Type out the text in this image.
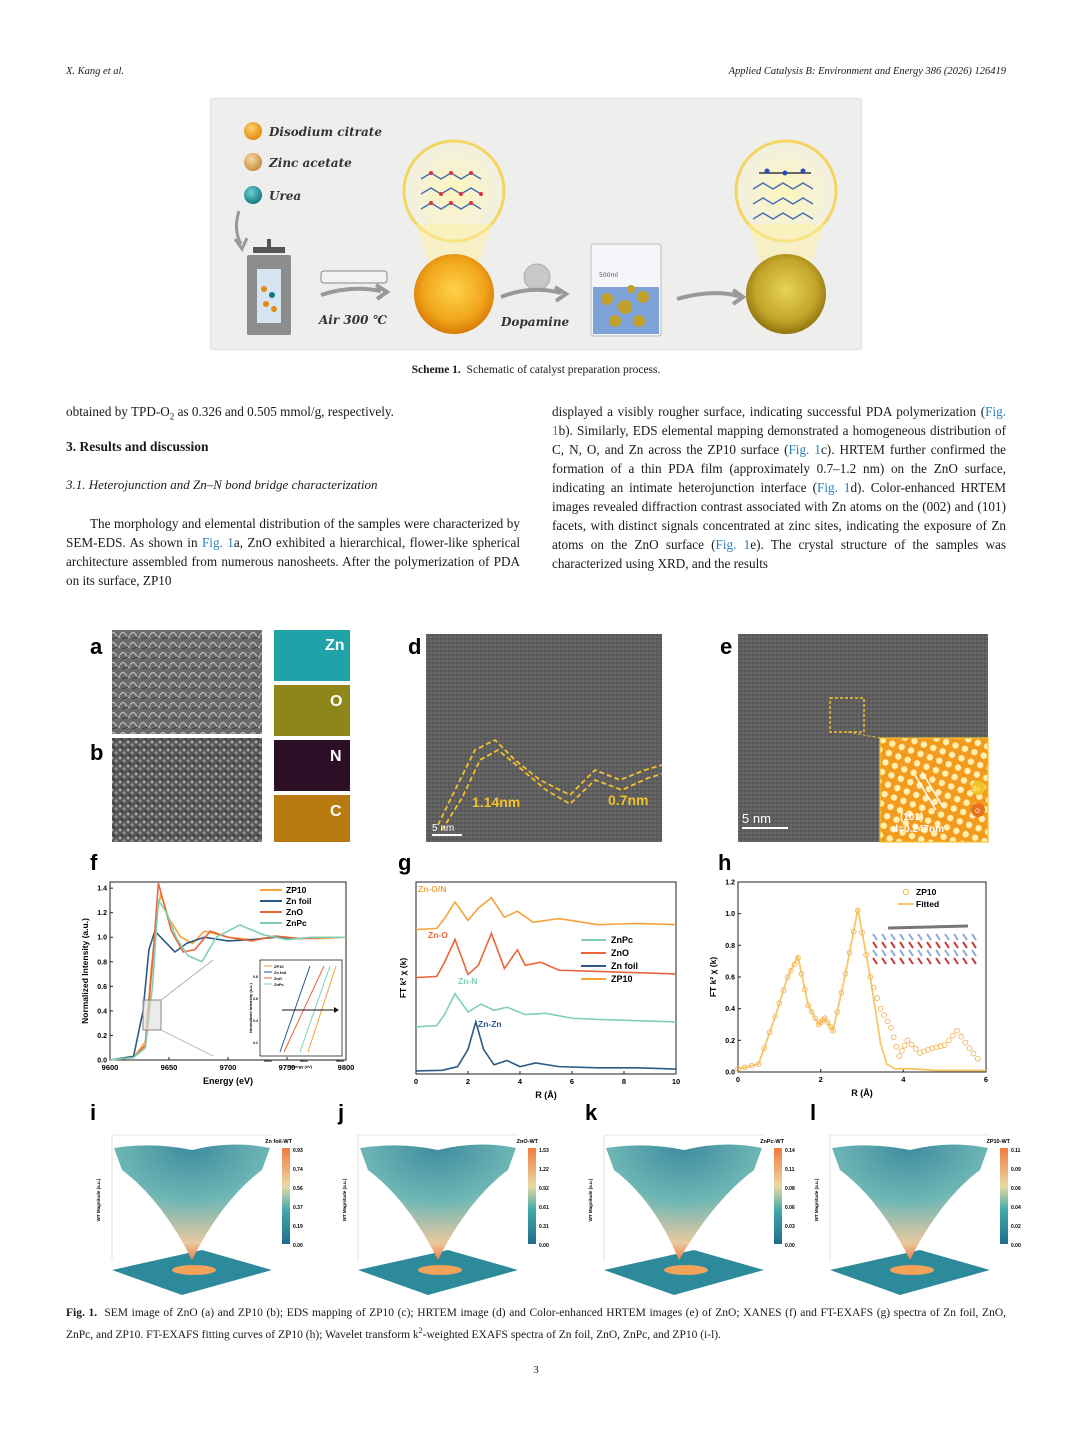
X. Kang et al.	Applied Catalysis B: Environment and Energy 386 (2026) 126419
Disodium citrate
Zinc acetate
Urea
Air 300 ℃	Dopamine
500ml
Scheme 1. Schematic of catalyst preparation process.
obtained by TPD-$O_2$ as 0.326 and 0.505 mmol/g, respectively.
3. Results and discussion
3.1. Heterojunction and Zn–N bond bridge characterization
The morphology and elemental distribution of the samples were characterized by SEM-EDS. As shown in Fig. 1a, ZnO exhibited a hierarchical, flower-like spherical architecture assembled from numerous nanosheets. After the polymerization of PDA on its surface, ZP10
displayed a visibly rougher surface, indicating successful PDA polymerization (Fig. 1b). Similarly, EDS elemental mapping demonstrated a homogeneous distribution of C, N, O, and Zn across the ZP10 surface (Fig. 1c). HRTEM further confirmed the formation of a thin PDA film (approximately 0.7–1.2 nm) on the ZnO surface, indicating an intimate heterojunction interface (Fig. 1d). Color-enhanced HRTEM images revealed diffraction contrast associated with Zn atoms on the (002) and (101) facets, with distinct signals concentrated at zinc sites, indicating the exposure of Zn atoms on the ZnO surface (Fig. 1e). The crystal structure of the samples was characterized using XRD, and the results
a
b
d	e
f	g	h
i	j	k	l
Zn
O
N
C
1.14nm	0.7nm
5 nm
(101)
d=0.247nm
Zn
O
5 nm
9600	9650	9700	9750	9800
0.0
0.2
0.4
0.6
0.8
1.0
1.2
1.4
Energy (eV)
Normalized Intensity (a.u.)
ZP10
Zn foil
ZnO
ZnPc
ZP10
Zn foil
ZnO
ZnPc
9630	9632	9640
0.2
0.4
0.6
0.8
Energy (eV)
Normalized Intensity (a.u.)
0	2	4	6	8	10
R (Å)
FT k² χ (k)
ZnPc
ZnO
Zn foil
ZP10
Zn-O/N
Zn-O
Zn-N
Zn-Zn
0	2	4	6
0.0
0.2
0.4
0.6
0.8
1.0
1.2
R (Å)
FT k² χ (k)
ZP10
Fitted
Zn foil-WT
0.93
0.74
0.56
0.37
0.19
0.00
WT Magnitude (a.u.)
ZnO-WT
1.53
1.22
0.92
0.61
0.31
0.00
WT Magnitude (a.u.)
ZnPc-WT
0.14
0.11
0.08
0.06
0.03
0.00
WT Magnitude (a.u.)
ZP10-WT
0.11
0.09
0.06
0.04
0.02
0.00
WT Magnitude (a.u.)
Fig. 1. SEM image of ZnO (a) and ZP10 (b); EDS mapping of ZP10 (c); HRTEM image (d) and Color-enhanced HRTEM images (e) of ZnO; XANES (f) and FT-EXAFS (g) spectra of Zn foil, ZnO, ZnPc, and ZP10. FT-EXAFS fitting curves of ZP10 (h); Wavelet transform $k^2$-weighted EXAFS spectra of Zn foil, ZnO, ZnPc, and ZP10 (i-l).
3
